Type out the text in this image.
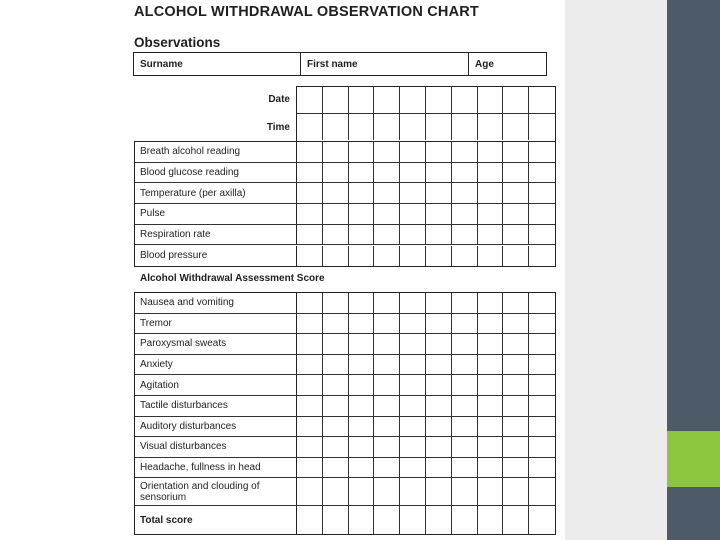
ALCOHOL WITHDRAWAL OBSERVATION CHART
Observations
Surname	First name	Age
Date
Time
Breath alcohol reading
Blood glucose reading
Temperature (per axilla)
Pulse
Respiration rate
Blood pressure
Alcohol Withdrawal Assessment Score
Nausea and vomiting
Tremor
Paroxysmal sweats
Anxiety
Agitation
Tactile disturbances
Auditory disturbances
Visual disturbances
Headache, fullness in head
Orientation and clouding of sensorium
Total score
